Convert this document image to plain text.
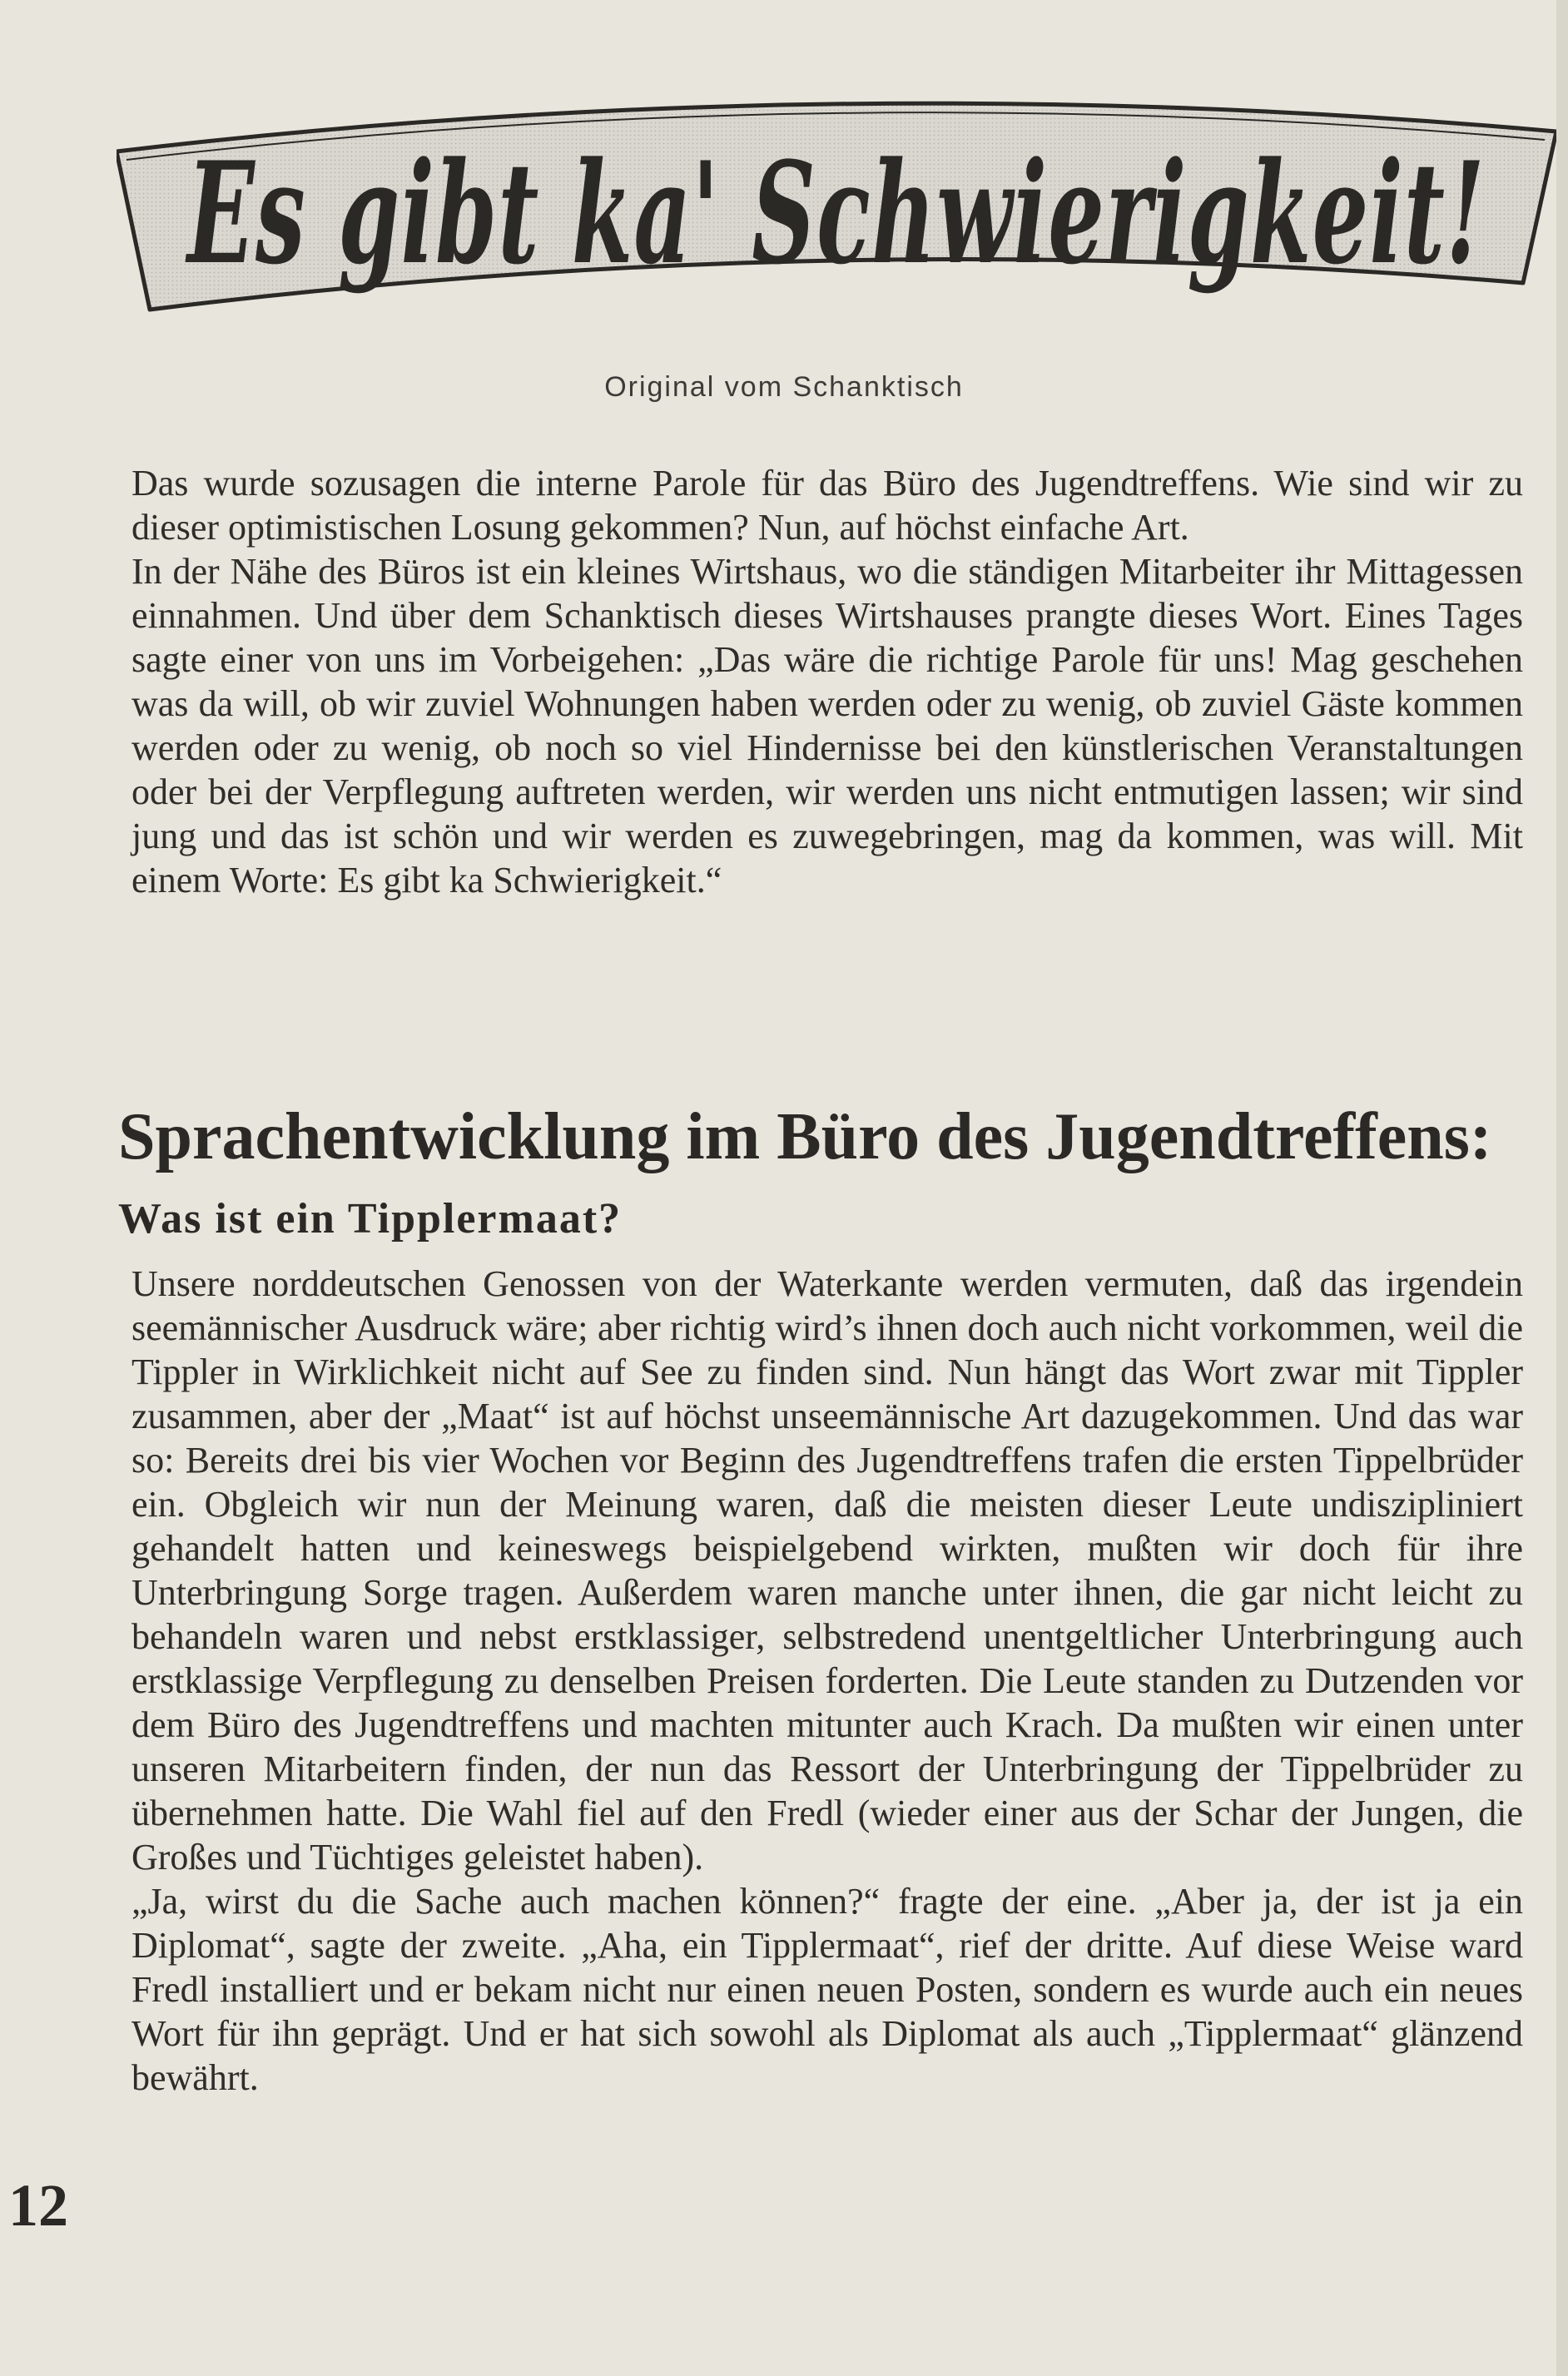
Es gibt ka' Schwierigkeit!
Original vom Schanktisch

Das wurde sozusagen die interne Parole für das Büro des Jugendtreffens. Wie sind wir zu dieser optimistischen Losung gekommen? Nun, auf höchst einfache Art.

In der Nähe des Büros ist ein kleines Wirtshaus, wo die ständigen Mitarbeiter ihr Mittagessen einnahmen. Und über dem Schanktisch dieses Wirtshauses prangte dieses Wort. Eines Tages sagte einer von uns im Vorbeigehen: „Das wäre die richtige Parole für uns! Mag geschehen was da will, ob wir zuviel Wohnungen haben werden oder zu wenig, ob zuviel Gäste kommen werden oder zu wenig, ob noch so viel Hindernisse bei den künstlerischen Veranstaltungen oder bei der Verpflegung auftreten werden, wir werden uns nicht entmutigen lassen; wir sind jung und das ist schön und wir werden es zuwegebringen, mag da kommen, was will. Mit einem Worte: Es gibt ka Schwierigkeit.“

Sprachentwicklung im Büro des Jugendtreffens:
Was ist ein Tipplermaat?

Unsere norddeutschen Genossen von der Waterkante werden vermuten, daß das irgendein seemännischer Ausdruck wäre; aber richtig wird’s ihnen doch auch nicht vorkommen, weil die Tippler in Wirklichkeit nicht auf See zu finden sind. Nun hängt das Wort zwar mit Tippler zusammen, aber der „Maat“ ist auf höchst unseemännische Art dazugekommen. Und das war so: Bereits drei bis vier Wochen vor Beginn des Jugendtreffens trafen die ersten Tippelbrüder ein. Obgleich wir nun der Meinung waren, daß die meisten dieser Leute undiszipliniert gehandelt hatten und keineswegs beispielgebend wirkten, mußten wir doch für ihre Unterbringung Sorge tragen. Außerdem waren manche unter ihnen, die gar nicht leicht zu behandeln waren und nebst erstklassiger, selbstredend unentgeltlicher Unterbringung auch erstklassige Verpflegung zu denselben Preisen forderten. Die Leute standen zu Dutzenden vor dem Büro des Jugendtreffens und machten mitunter auch Krach. Da mußten wir einen unter unseren Mitarbeitern finden, der nun das Ressort der Unterbringung der Tippelbrüder zu übernehmen hatte. Die Wahl fiel auf den Fredl (wieder einer aus der Schar der Jungen, die Großes und Tüchtiges geleistet haben).

„Ja, wirst du die Sache auch machen können?“ fragte der eine. „Aber ja, der ist ja ein Diplomat“, sagte der zweite. „Aha, ein Tipplermaat“, rief der dritte. Auf diese Weise ward Fredl installiert und er bekam nicht nur einen neuen Posten, sondern es wurde auch ein neues Wort für ihn geprägt. Und er hat sich sowohl als Diplomat als auch „Tipplermaat“ glänzend bewährt.

12
